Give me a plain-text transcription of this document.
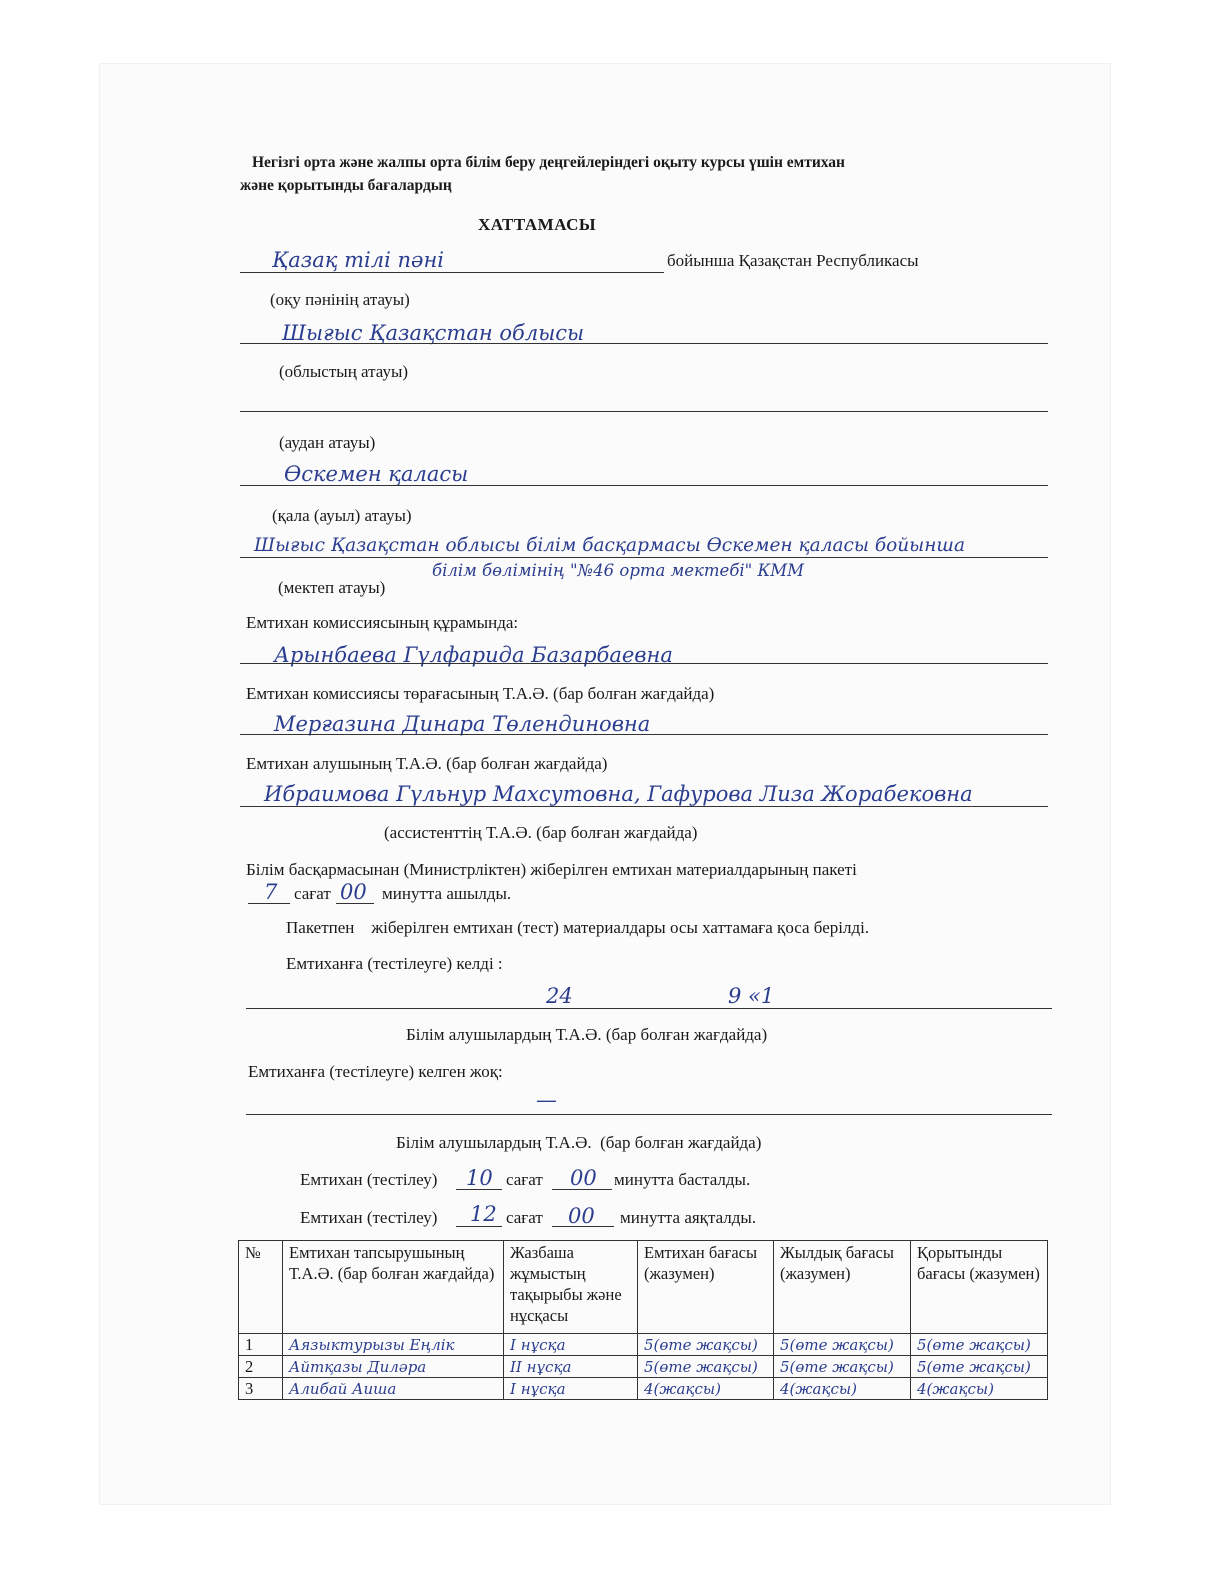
Негізгі орта және жалпы орта білім беру деңгейлеріндегі оқыту курсы үшін емтихан
және қорытынды бағалардың
ХАТТАМАСЫ
Қазақ тілі пәні	бойынша Қазақстан Республикасы
(оқу пәнінің атауы)
Шығыс Қазақстан облысы
(облыстың атауы)
(аудан атауы)
Өскемен қаласы
(қала (ауыл) атауы)
Шығыс Қазақстан облысы білім басқармасы Өскемен қаласы бойынша
(мектеп атауы)
білім бөлімінің "№46 орта мектебі" КММ
Емтихан комиссиясының құрамында:
Арынбаева Гүлфарида Базарбаевна
Емтихан комиссиясы төрағасының Т.А.Ә. (бар болған жағдайда)
Мерғазина Динара Төлендиновна
Емтихан алушының Т.А.Ә. (бар болған жағдайда)
Ибраимова Гүльнур Махсутовна, Гафурова Лиза Жорабековна
(ассистенттің Т.А.Ә. (бар болған жағдайда)
Білім басқармасынан (Министрліктен) жіберілген емтихан материалдарының пакеті
7 сағат 00 минутта ашылды.
Пакетпен    жіберілген емтихан (тест) материалдары осы хаттамаға қоса берілді.
Емтиханға (тестілеуге) келді :
24	9 «1
Білім алушылардың Т.А.Ә. (бар болған жағдайда)
Емтиханға (тестілеуге) келген жоқ:
—
Білім алушылардың Т.А.Ә.  (бар болған жағдайда)
Емтихан (тестілеу) 10 сағат 00 минутта басталды.
Емтихан (тестілеу) 12 сағат 00 минутта аяқталды.
№	Емтихан тапсырушының Т.А.Ә. (бар болған жағдайда)	Жазбаша жұмыстың тақырыбы және нұсқасы	Емтихан бағасы (жазумен)	Жылдық бағасы (жазумен)	Қорытынды бағасы (жазумен)
1	Аязыктурызы Еңлік	I нұсқа	5(өте жақсы)	5(өте жақсы)	5(өте жақсы)
2	Айтқазы Диләра	II нұсқа	5(өте жақсы)	5(өте жақсы)	5(өте жақсы)
3	Алибай Аиша	I нұсқа	4(жақсы)	4(жақсы)	4(жақсы)
